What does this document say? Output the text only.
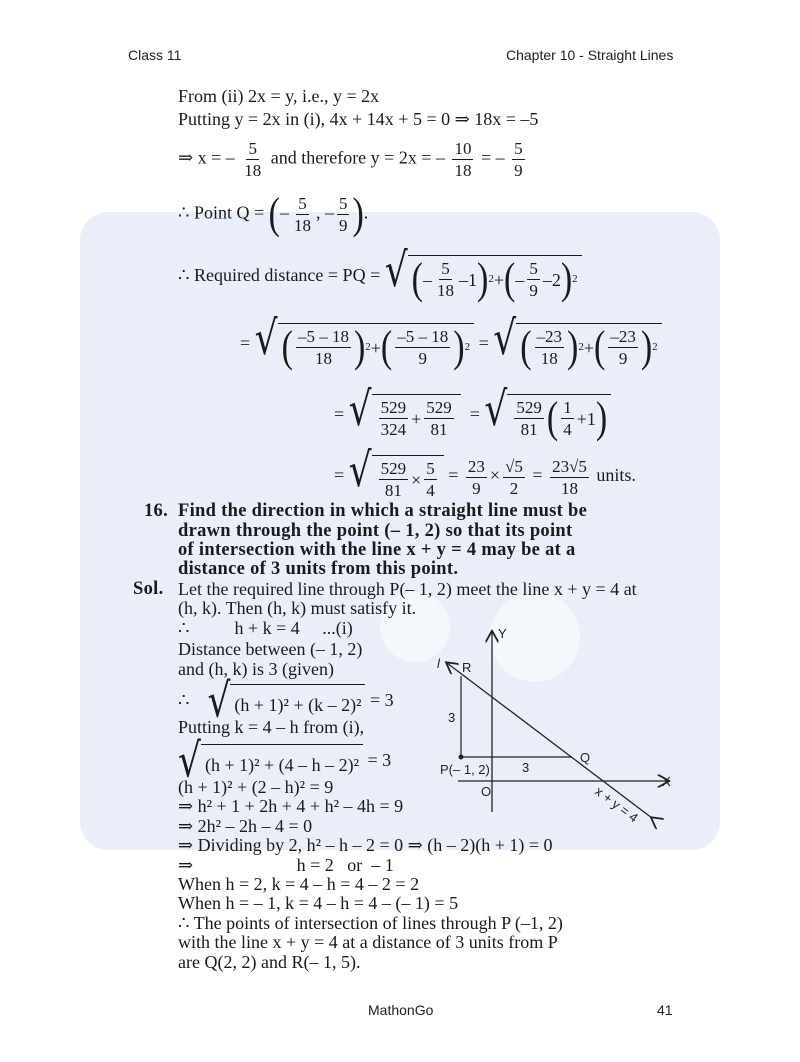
Class 11	Chapter 10 - Straight Lines
From (ii) 2x = y, i.e., y = 2x
Putting y = 2x in (i), 4x + 14x + 5 = 0 ⇒ 18x = –5
⇒ x = – $\frac{5}{18}$ and therefore y = 2x = – $\frac{10}{18}$ = – $\frac{5}{9}$
∴ Point Q = (– $\frac{5}{18}$ , – $\frac{5}{9}$ ).
∴ Required distance = PQ = √ ( – $\frac{5}{18} -1$ ) 2 + ( – $\frac{5}{9} -2$ ) 2
= √ ( $\frac{-5 - 18}{18}$ ) 2 + ( $\frac{-5 - 18}{9}$ ) 2 = √ ( $\frac{-23}{18}$ ) 2 + ( $\frac{-23}{9}$ ) 2
= √ $\frac{529}{324} + \frac{529}{81}$ = √ $\frac{529}{81}$ ( $\frac{1}{4} +1$ )
= √ $\frac{529}{81} \times \frac{5}{4} = \frac{23}{9} \times \frac{√5}{2} = \frac{23√5}{18}$ units.
16. Find the direction in which a straight line must be
drawn through the point (– 1, 2) so that its point
of intersection with the line x + y = 4 may be at a
distance of 3 units from this point.
Sol. Let the required line through P(– 1, 2) meet the line x + y = 4 at
(h, k). Then (h, k) must satisfy it.
∴          h + k = 4     ...(i)
Distance between (– 1, 2)
and (h, k) is 3 (given)
∴ √ (h + 1)² + (k – 2)² = 3
Putting k = 4 – h from (i),
√ (h + 1)² + (4 – h – 2)² = 3
(h + 1)² + (2 – h)² = 9
⇒ h² + 1 + 2h + 4 + h² – 4h = 9
⇒ 2h² – 2h – 4 = 0
⇒ Dividing by 2, h² – h – 2 = 0 ⇒ (h – 2)(h + 1) = 0
⇒                       h = 2   or  – 1
When h = 2, k = 4 – h = 4 – 2 = 2
When h = – 1, k = 4 – h = 4 – (– 1) = 5
∴ The points of intersection of lines through P (–1, 2)
with the line x + y = 4 at a distance of 3 units from P
are Q(2, 2) and R(– 1, 5).
Y
X
O
l R
Q
P(– 1, 2)
3
3
x + y = 4
MathonGo	41
